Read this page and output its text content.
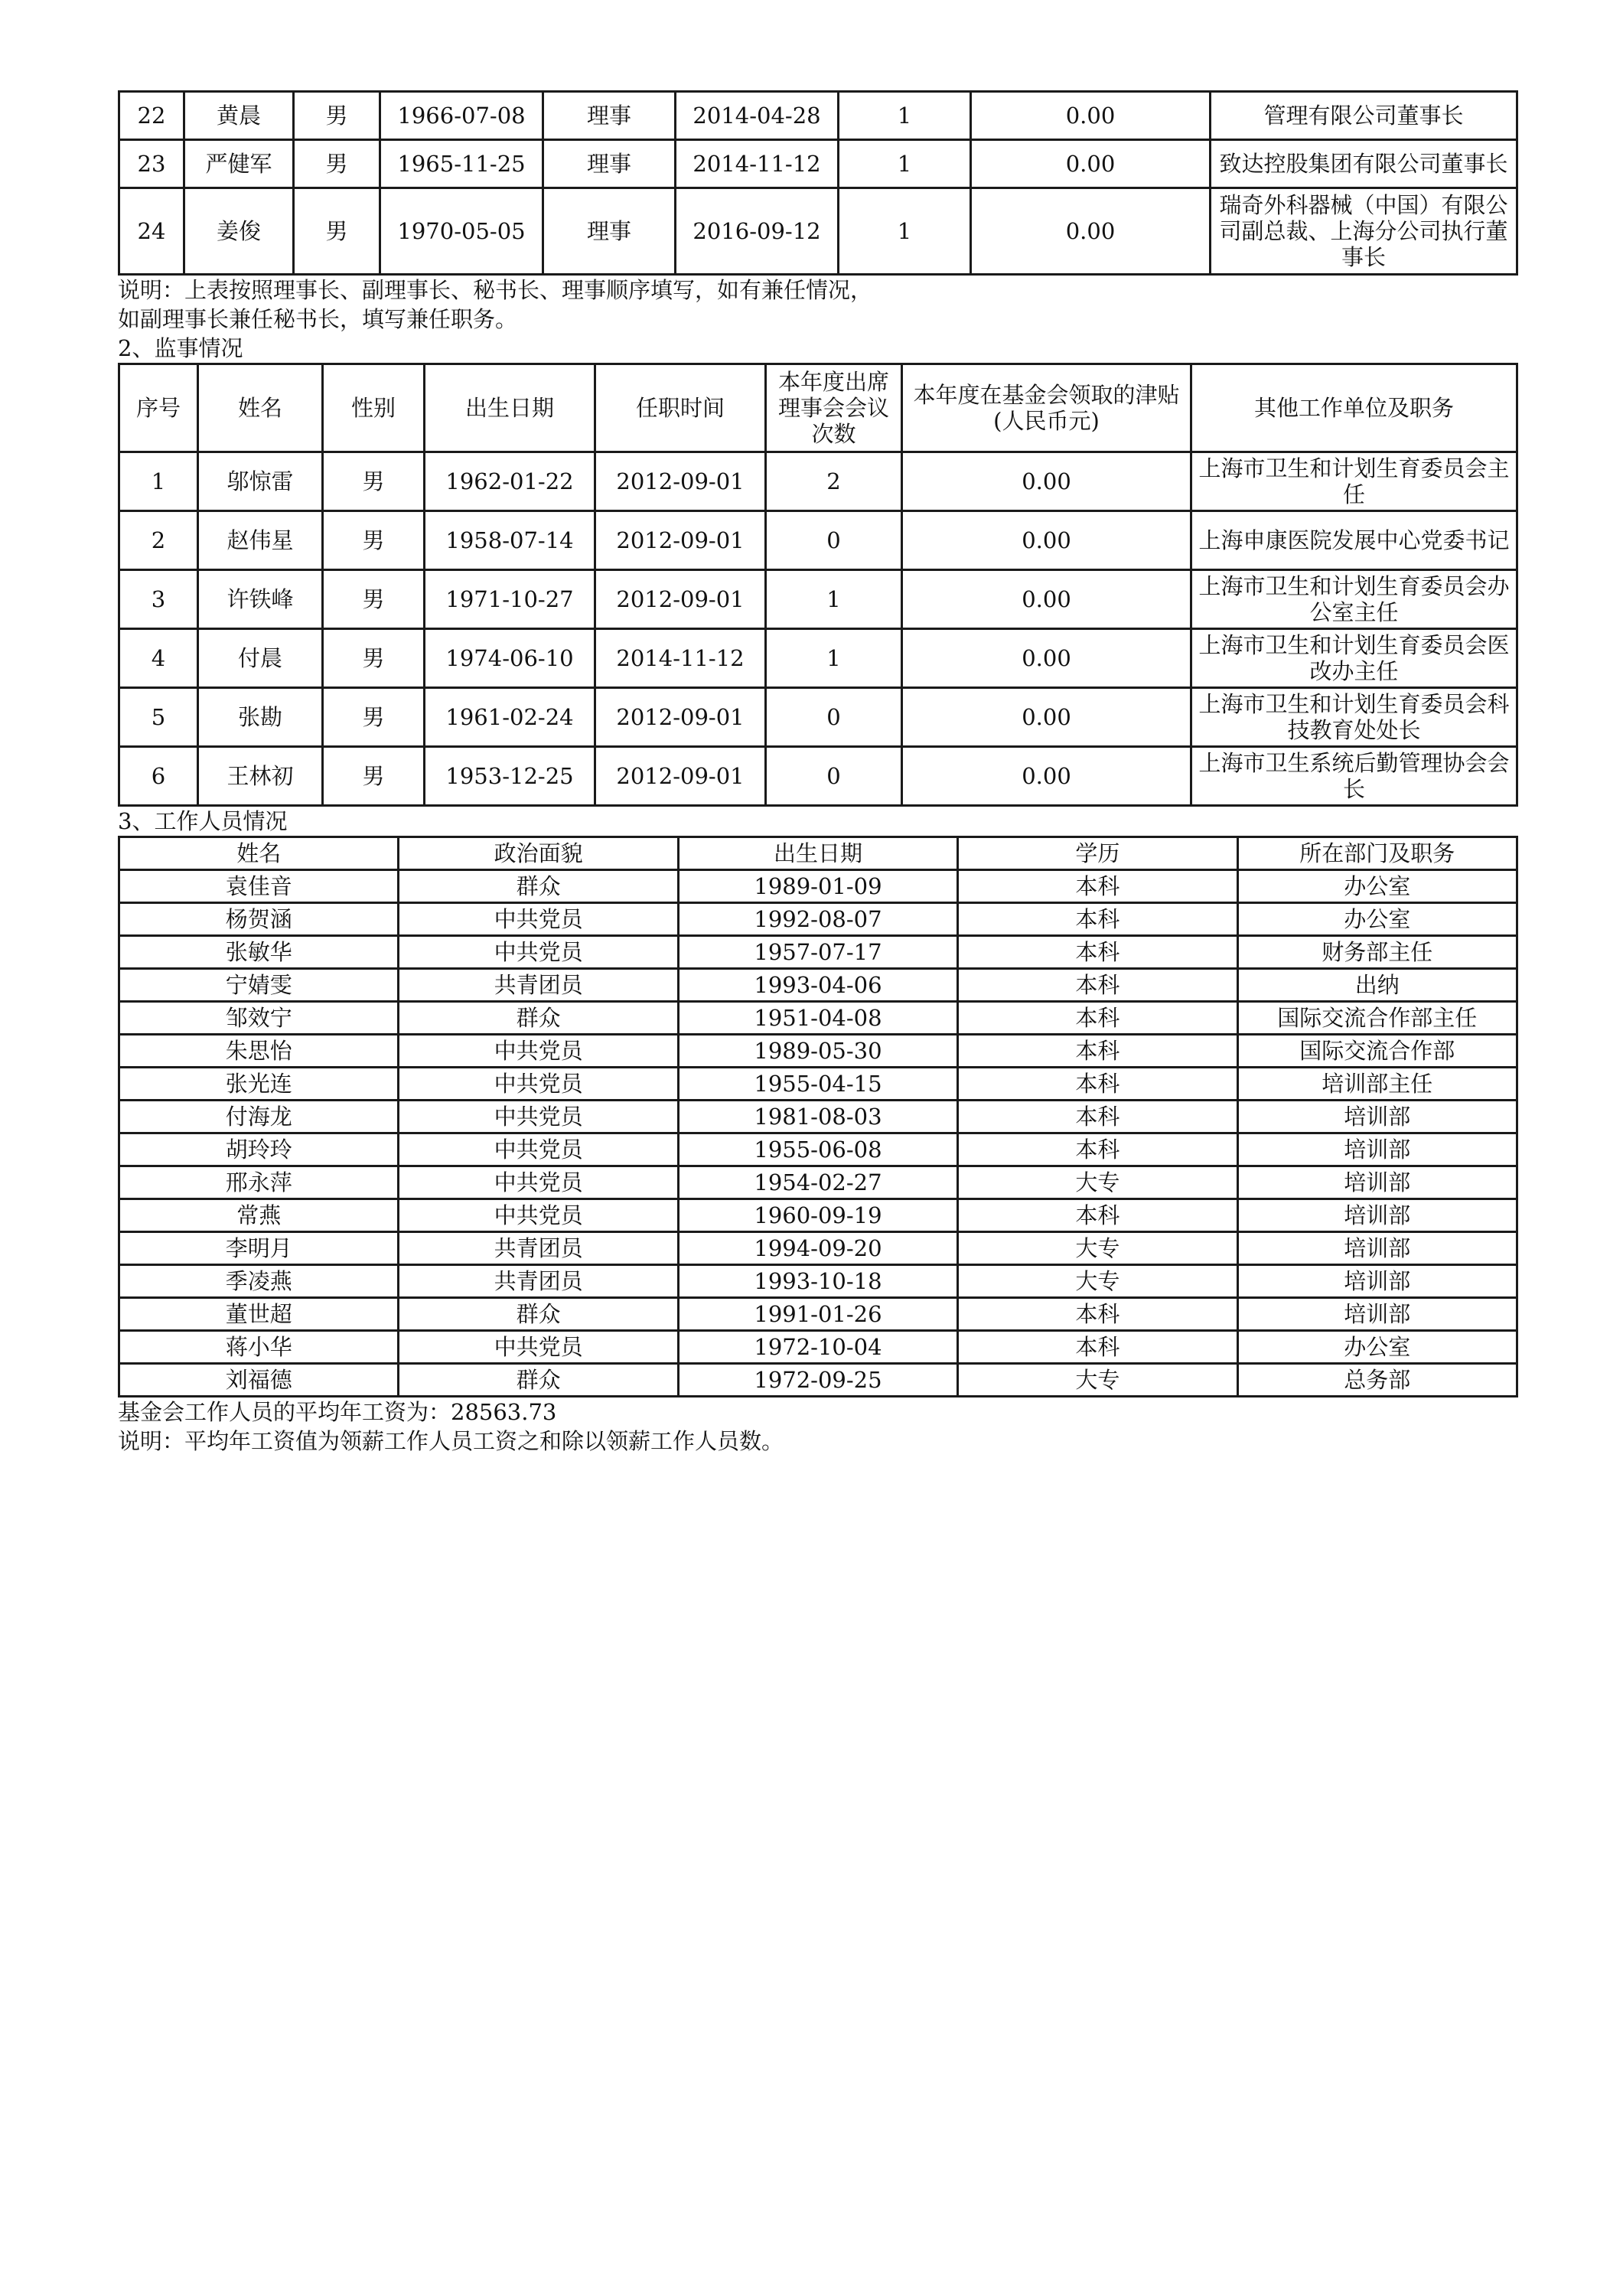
22	黄晨	男	1966-07-08	理事	2014-04-28	1	0.00	管理有限公司董事长
23	严健军	男	1965-11-25	理事	2014-11-12	1	0.00	致达控股集团有限公司董事长
24	姜俊	男	1970-05-05	理事	2016-09-12	1	0.00	瑞奇外科器械（中国）有限公司副总裁、上海分公司执行董事长

说明：上表按照理事长、副理事长、秘书长、理事顺序填写，如有兼任情况，

如副理事长兼任秘书长，填写兼任职务。

2、监事情况

序号	姓名	性别	出生日期	任职时间	本年度出席理事会会议次数	本年度在基金会领取的津贴(人民币元)	其他工作单位及职务
1	邬惊雷	男	1962-01-22	2012-09-01	2	0.00	上海市卫生和计划生育委员会主任
2	赵伟星	男	1958-07-14	2012-09-01	0	0.00	上海申康医院发展中心党委书记
3	许铁峰	男	1971-10-27	2012-09-01	1	0.00	上海市卫生和计划生育委员会办公室主任
4	付晨	男	1974-06-10	2014-11-12	1	0.00	上海市卫生和计划生育委员会医改办主任
5	张勘	男	1961-02-24	2012-09-01	0	0.00	上海市卫生和计划生育委员会科技教育处处长
6	王林初	男	1953-12-25	2012-09-01	0	0.00	上海市卫生系统后勤管理协会会长

3、工作人员情况

姓名	政治面貌	出生日期	学历	所在部门及职务
袁佳音	群众	1989-01-09	本科	办公室
杨贺涵	中共党员	1992-08-07	本科	办公室
张敏华	中共党员	1957-07-17	本科	财务部主任
宁婧雯	共青团员	1993-04-06	本科	出纳
邹效宁	群众	1951-04-08	本科	国际交流合作部主任
朱思怡	中共党员	1989-05-30	本科	国际交流合作部
张光连	中共党员	1955-04-15	本科	培训部主任
付海龙	中共党员	1981-08-03	本科	培训部
胡玲玲	中共党员	1955-06-08	本科	培训部
邢永萍	中共党员	1954-02-27	大专	培训部
常燕	中共党员	1960-09-19	本科	培训部
李明月	共青团员	1994-09-20	大专	培训部
季凌燕	共青团员	1993-10-18	大专	培训部
董世超	群众	1991-01-26	本科	培训部
蒋小华	中共党员	1972-10-04	本科	办公室
刘福德	群众	1972-09-25	大专	总务部

基金会工作人员的平均年工资为：28563.73

说明：平均年工资值为领薪工作人员工资之和除以领薪工作人员数。
